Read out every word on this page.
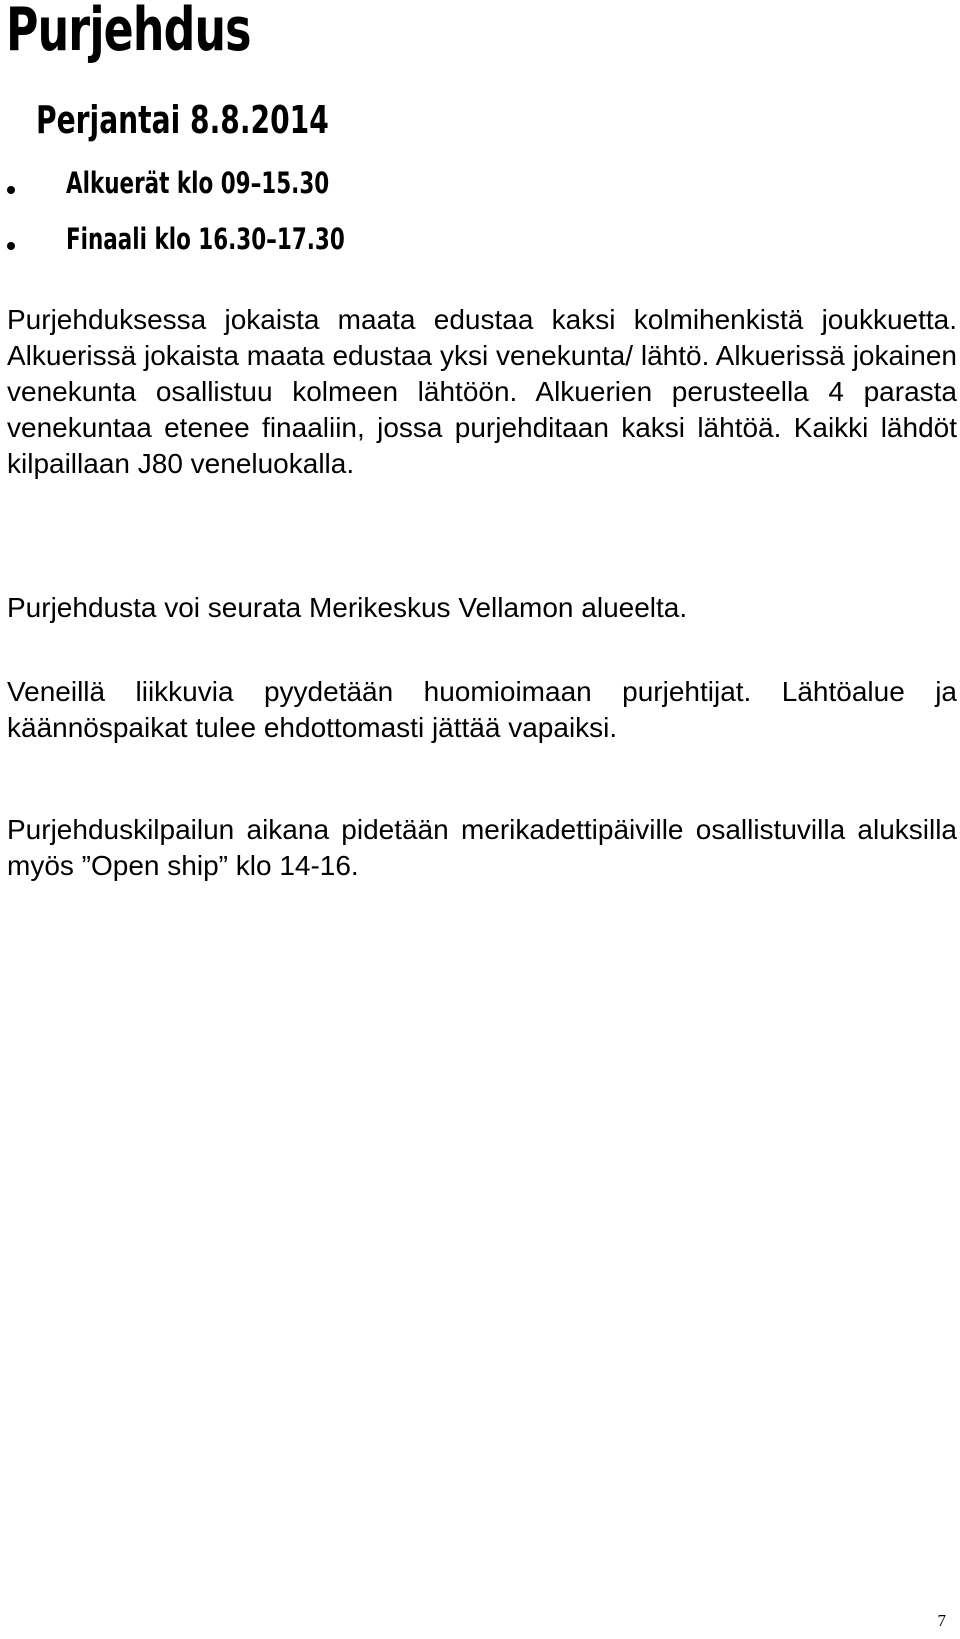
Purjehdus
Perjantai 8.8.2014
Alkuerät klo 09–15.30
Finaali klo 16.30–17.30

Purjehduksessa jokaista maata edustaa kaksi kolmihenkistä joukkuetta. Alkuerissä jokaista maata edustaa yksi venekunta/ lähtö. Alkuerissä jokainen venekunta osallistuu kolmeen lähtöön. Alkuerien perusteella 4 parasta venekuntaa etenee finaaliin, jossa purjehditaan kaksi lähtöä. Kaikki lähdöt kilpaillaan J80 veneluokalla.

Purjehdusta voi seurata Merikeskus Vellamon alueelta.

Veneillä liikkuvia pyydetään huomioimaan purjehtijat. Lähtöalue ja käännöspaikat tulee ehdottomasti jättää vapaiksi.

Purjehduskilpailun aikana pidetään merikadettipäiville osallistuvilla aluksilla myös ”Open ship” klo 14-16.

7
